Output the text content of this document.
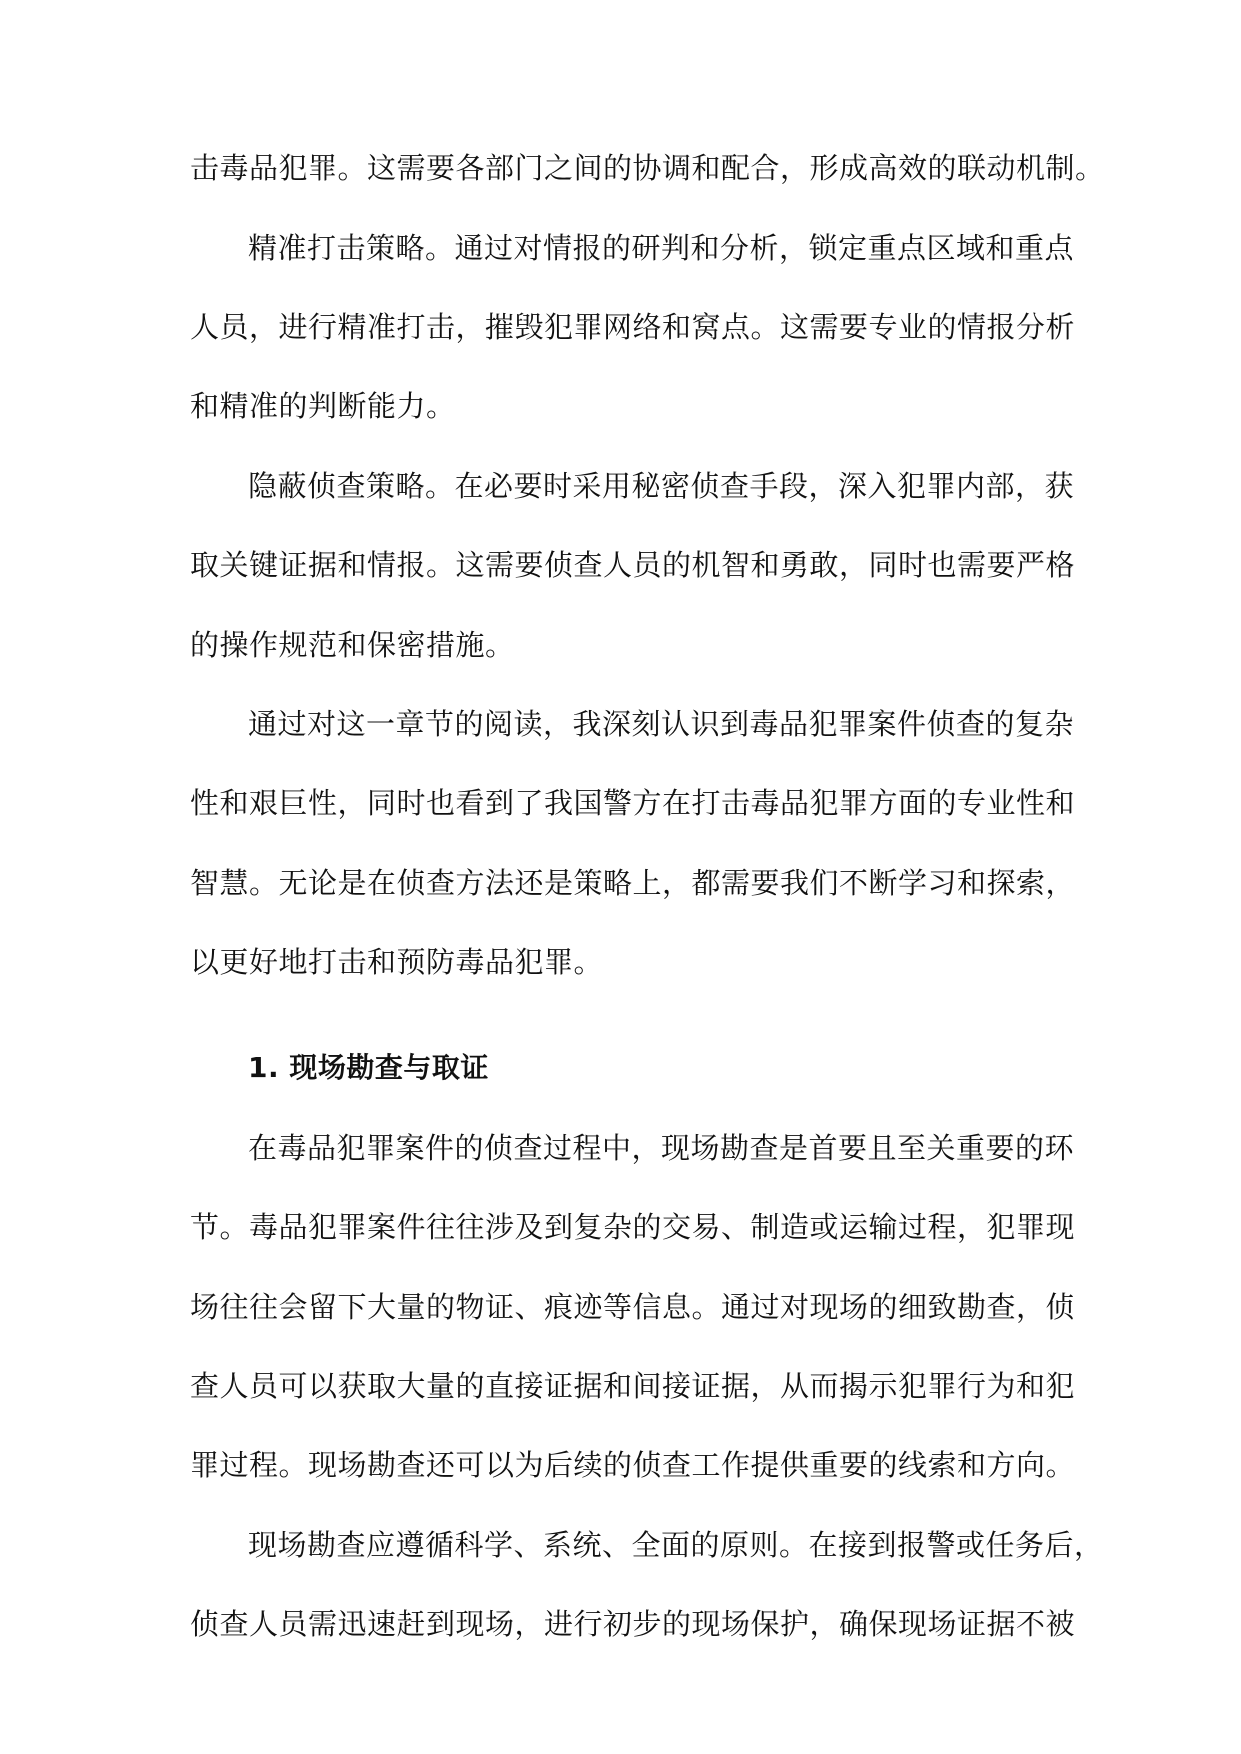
击毒品犯罪。这需要各部门之间的协调和配合，形成高效的联动机制。
精准打击策略。通过对情报的研判和分析，锁定重点区域和重点
人员，进行精准打击，摧毁犯罪网络和窝点。这需要专业的情报分析
和精准的判断能力。
隐蔽侦查策略。在必要时采用秘密侦查手段，深入犯罪内部，获
取关键证据和情报。这需要侦查人员的机智和勇敢，同时也需要严格
的操作规范和保密措施。
通过对这一章节的阅读，我深刻认识到毒品犯罪案件侦查的复杂
性和艰巨性，同时也看到了我国警方在打击毒品犯罪方面的专业性和
智慧。无论是在侦查方法还是策略上，都需要我们不断学习和探索，
以更好地打击和预防毒品犯罪。
1. 现场勘查与取证
在毒品犯罪案件的侦查过程中，现场勘查是首要且至关重要的环
节。毒品犯罪案件往往涉及到复杂的交易、制造或运输过程，犯罪现
场往往会留下大量的物证、痕迹等信息。通过对现场的细致勘查，侦
查人员可以获取大量的直接证据和间接证据，从而揭示犯罪行为和犯
罪过程。现场勘查还可以为后续的侦查工作提供重要的线索和方向。
现场勘查应遵循科学、系统、全面的原则。在接到报警或任务后，
侦查人员需迅速赶到现场，进行初步的现场保护，确保现场证据不被
